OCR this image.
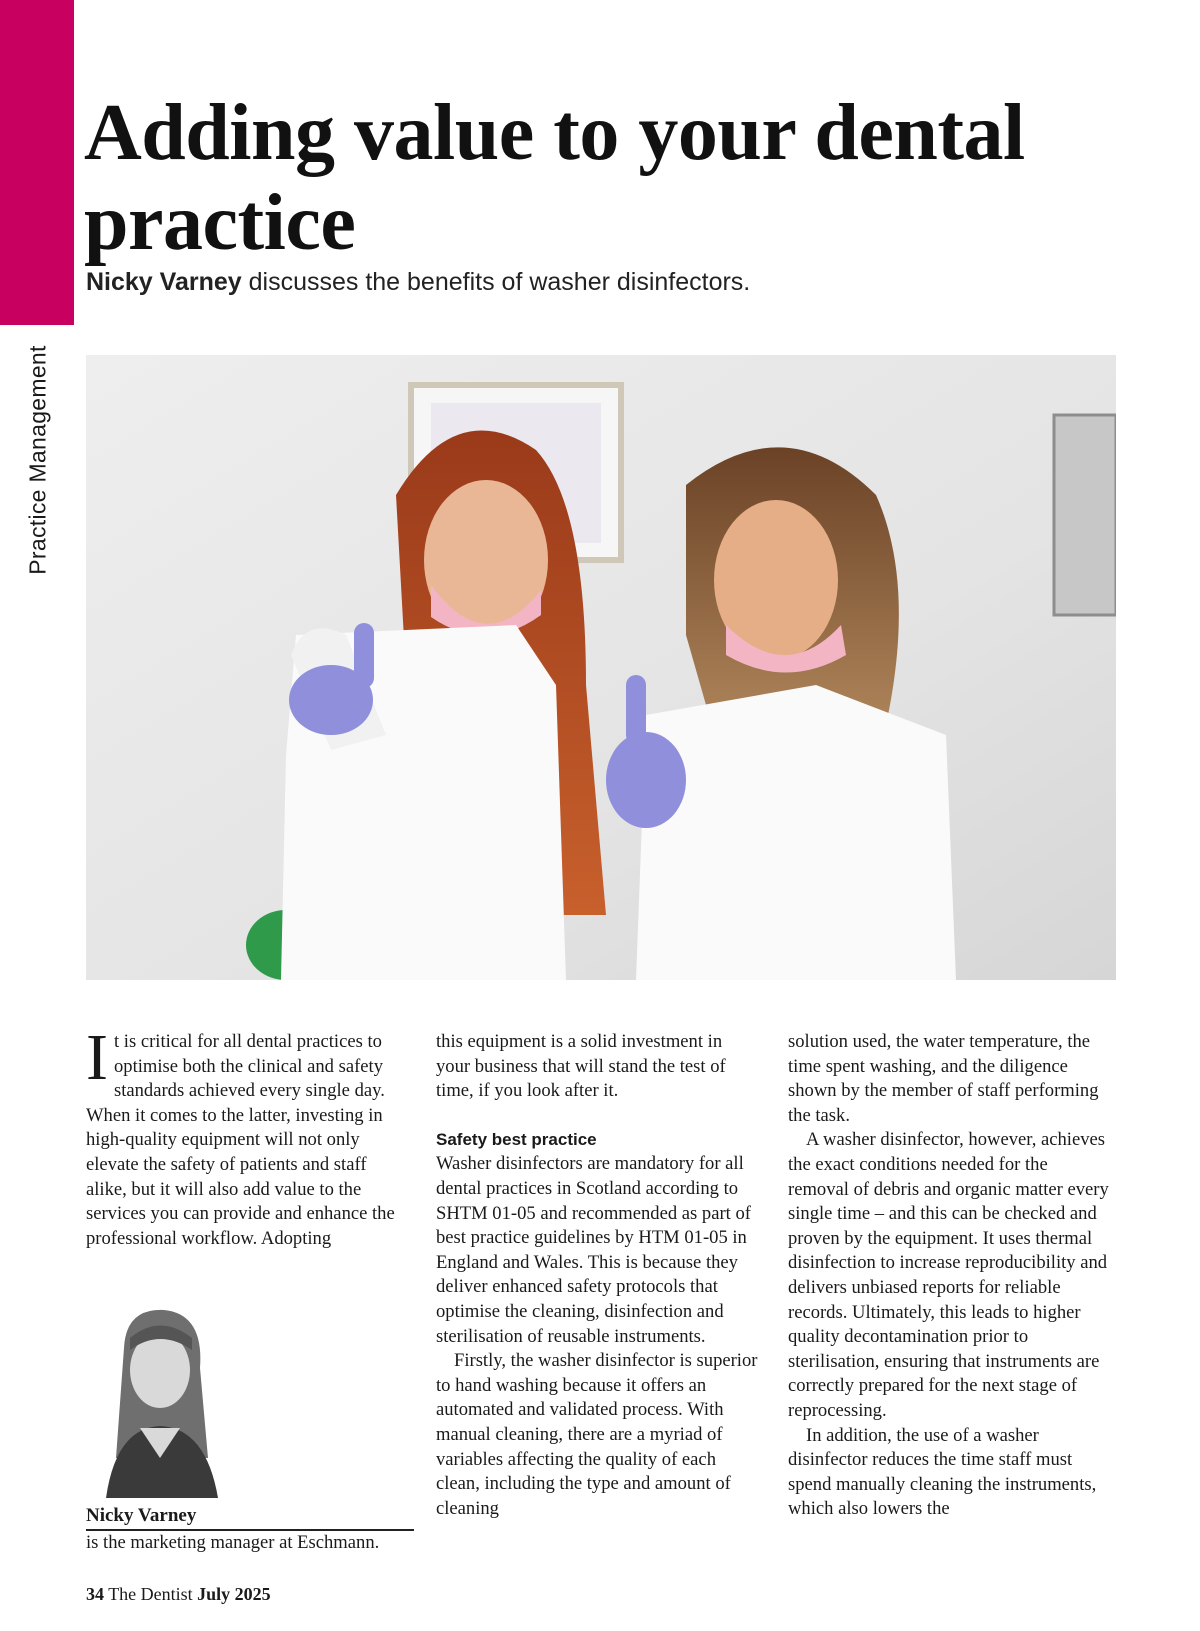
Practice Management
Adding value to your dental practice

Nicky Varney discusses the benefits of washer disinfectors.

It is critical for all dental practices to optimise both the clinical and safety standards achieved every single day. When it comes to the latter, investing in high-quality equipment will not only elevate the safety of patients and staff alike, but it will also add value to the services you can provide and enhance the professional workflow. Adopting

Nicky Varney
is the marketing manager at Eschmann.

this equipment is a solid investment in your business that will stand the test of time, if you look after it.

Safety best practice

Washer disinfectors are mandatory for all dental practices in Scotland according to SHTM 01-05 and recommended as part of best practice guidelines by HTM 01-05 in England and Wales. This is because they deliver enhanced safety protocols that optimise the cleaning, disinfection and sterilisation of reusable instruments.

Firstly, the washer disinfector is superior to hand washing because it offers an automated and validated process. With manual cleaning, there are a myriad of variables affecting the quality of each clean, including the type and amount of cleaning

solution used, the water temperature, the time spent washing, and the diligence shown by the member of staff performing the task.

A washer disinfector, however, achieves the exact conditions needed for the removal of debris and organic matter every single time – and this can be checked and proven by the equipment. It uses thermal disinfection to increase reproducibility and delivers unbiased reports for reliable records. Ultimately, this leads to higher quality decontamination prior to sterilisation, ensuring that instruments are correctly prepared for the next stage of reprocessing.

In addition, the use of a washer disinfector reduces the time staff must spend manually cleaning the instruments, which also lowers the

34 The Dentist July 2025
